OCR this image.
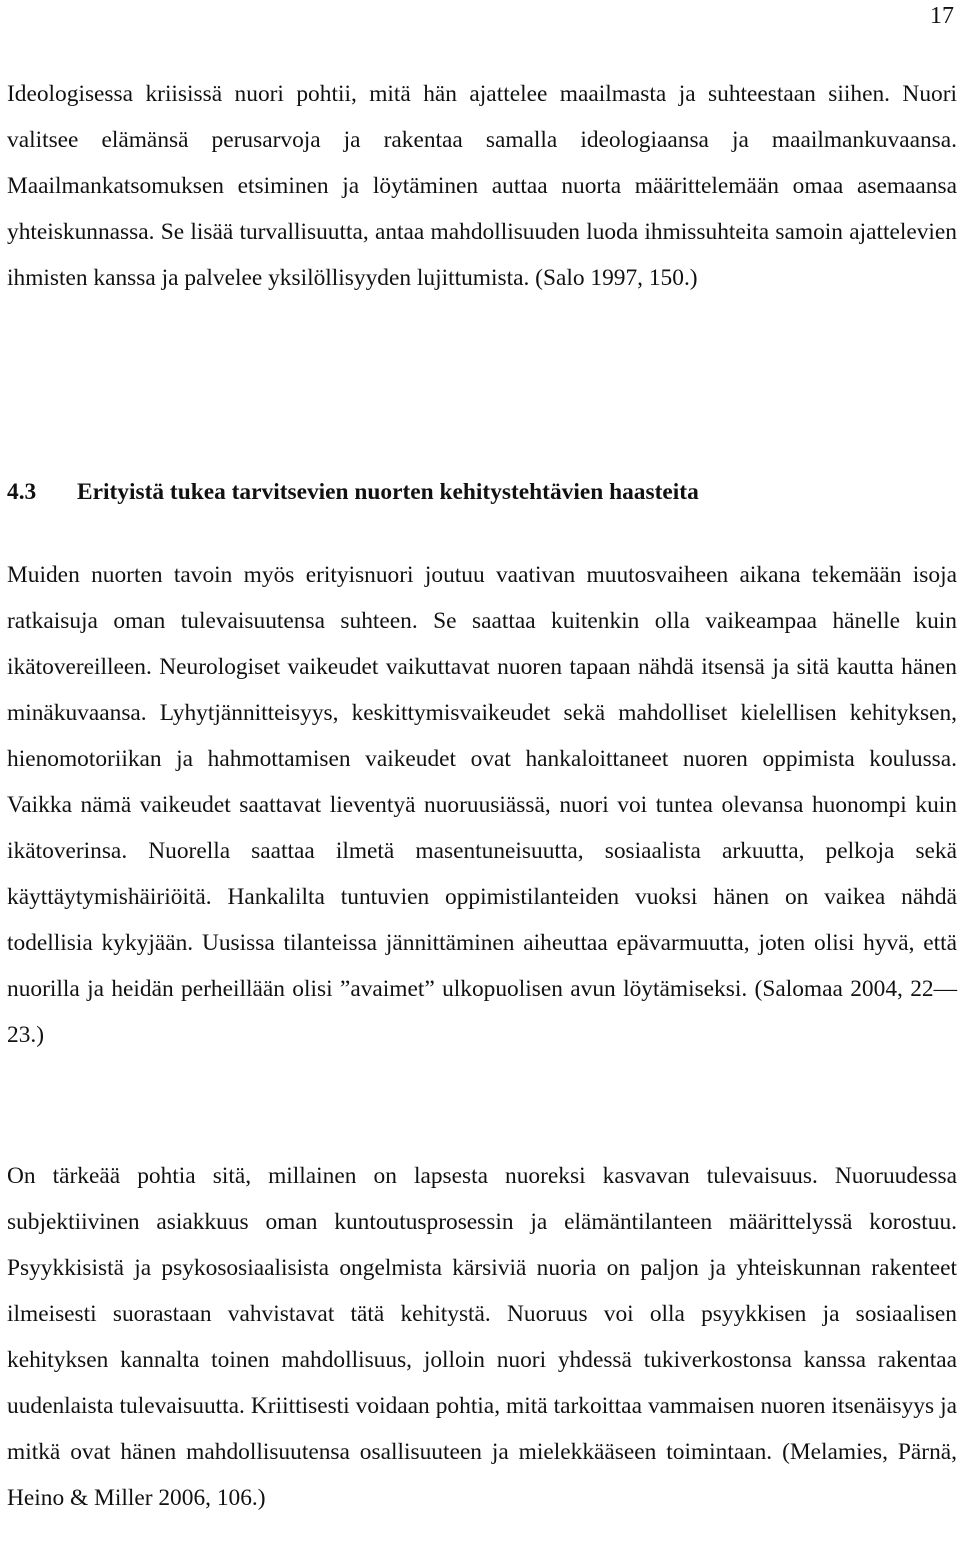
17

Ideologisessa kriisissä nuori pohtii, mitä hän ajattelee maailmasta ja suhteestaan siihen. Nuori valitsee elämänsä perusarvoja ja rakentaa samalla ideologiaansa ja maailmankuvaansa. Maailmankatsomuksen etsiminen ja löytäminen auttaa nuorta määrittelemään omaa asemaansa yhteiskunnassa. Se lisää turvallisuutta, antaa mahdollisuuden luoda ihmissuhteita samoin ajattelevien ihmisten kanssa ja palvelee yksilöllisyyden lujittumista. (Salo 1997, 150.)

4.3 Erityistä tukea tarvitsevien nuorten kehitystehtävien haasteita

Muiden nuorten tavoin myös erityisnuori joutuu vaativan muutosvaiheen aikana tekemään isoja ratkaisuja oman tulevaisuutensa suhteen. Se saattaa kuitenkin olla vaikeampaa hänelle kuin ikätovereilleen. Neurologiset vaikeudet vaikuttavat nuoren tapaan nähdä itsensä ja sitä kautta hänen minäkuvaansa. Lyhytjännitteisyys, keskittymisvaikeudet sekä mahdolliset kielellisen kehityksen, hienomotoriikan ja hahmottamisen vaikeudet ovat hankaloittaneet nuoren oppimista koulussa. Vaikka nämä vaikeudet saattavat lieventyä nuoruusiässä, nuori voi tuntea olevansa huonompi kuin ikätoverinsa. Nuorella saattaa ilmetä masentuneisuutta, sosiaalista arkuutta, pelkoja sekä käyttäytymishäiriöitä. Hankalilta tuntuvien oppimistilanteiden vuoksi hänen on vaikea nähdä todellisia kykyjään. Uusissa tilanteissa jännittäminen aiheuttaa epävarmuutta, joten olisi hyvä, että nuorilla ja heidän perheillään olisi ”avaimet” ulkopuolisen avun löytämiseksi. (Salomaa 2004, 22—23.)

On tärkeää pohtia sitä, millainen on lapsesta nuoreksi kasvavan tulevaisuus. Nuoruudessa subjektiivinen asiakkuus oman kuntoutusprosessin ja elämäntilanteen määrittelyssä korostuu. Psyykkisistä ja psykososiaalisista ongelmista kärsiviä nuoria on paljon ja yhteiskunnan rakenteet ilmeisesti suorastaan vahvistavat tätä kehitystä. Nuoruus voi olla psyykkisen ja sosiaalisen kehityksen kannalta toinen mahdollisuus, jolloin nuori yhdessä tukiverkostonsa kanssa rakentaa uudenlaista tulevaisuutta. Kriittisesti voidaan pohtia, mitä tarkoittaa vammaisen nuoren itsenäisyys ja mitkä ovat hänen mahdollisuutensa osallisuuteen ja mielekkääseen toimintaan. (Melamies, Pärnä, Heino & Miller 2006, 106.)
